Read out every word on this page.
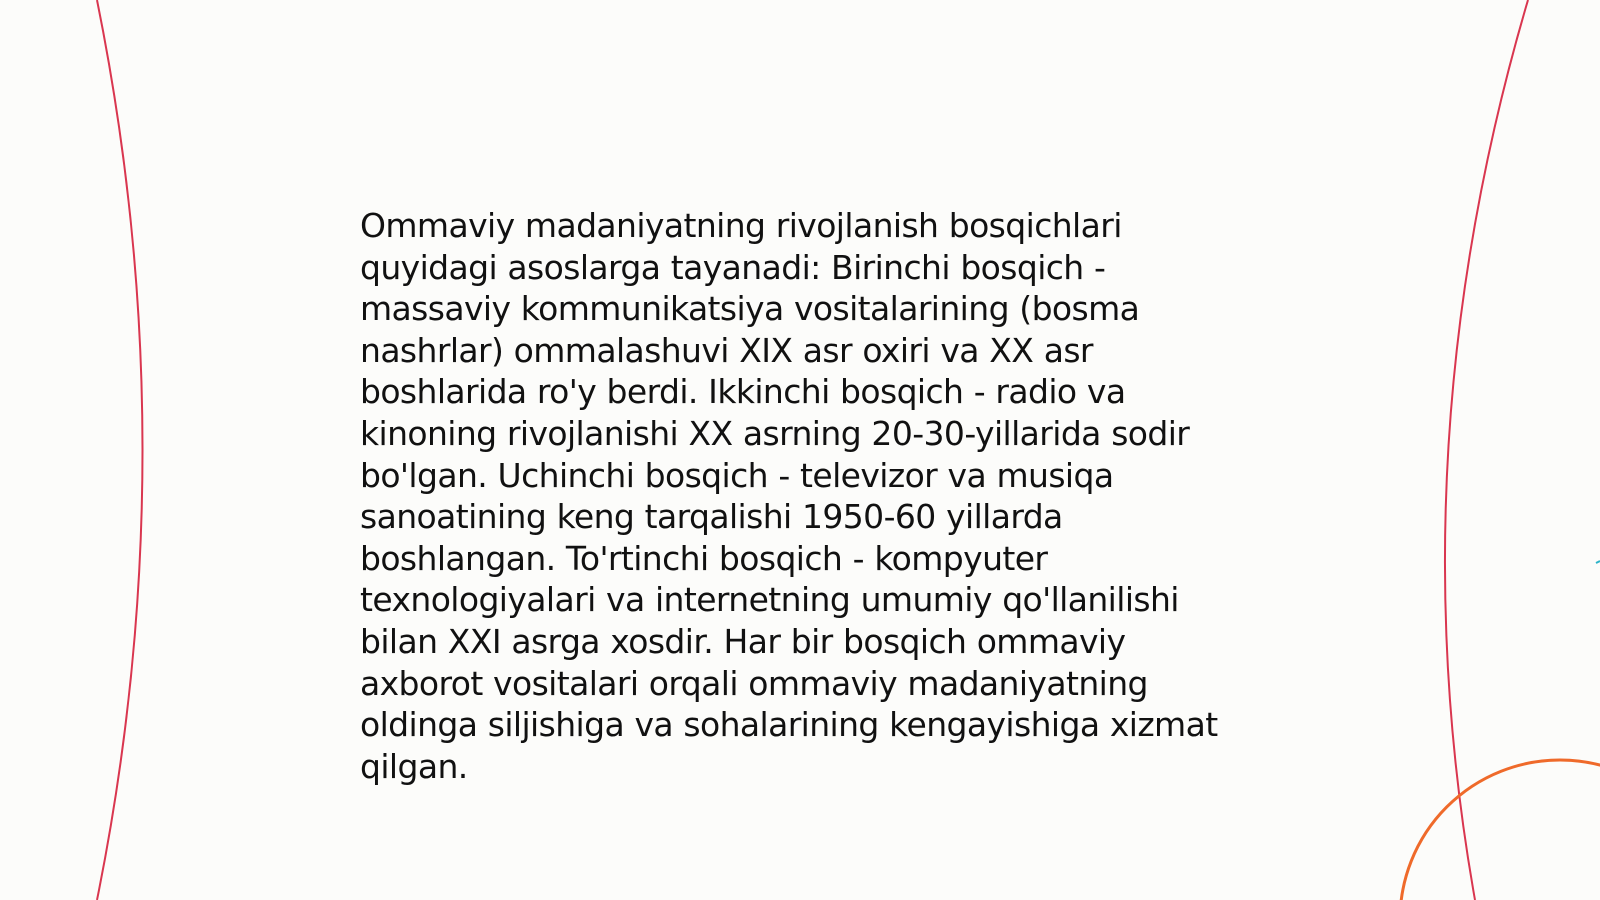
Ommaviy madaniyatning rivojlanish bosqichlari quyidagi asoslarga tayanadi: Birinchi bosqich - massaviy kommunikatsiya vositalarining (bosma nashrlar) ommalashuvi XIX asr oxiri va XX asr boshlarida ro'y berdi. Ikkinchi bosqich - radio va kinoning rivojlanishi XX asrning 20-30-yillarida sodir bo'lgan. Uchinchi bosqich - televizor va musiqa sanoatining keng tarqalishi 1950-60 yillarda boshlangan. To'rtinchi bosqich - kompyuter texnologiyalari va internetning umumiy qo'llanilishi bilan XXI asrga xosdir. Har bir bosqich ommaviy axborot vositalari orqali ommaviy madaniyatning oldinga siljishiga va sohalarining kengayishiga xizmat qilgan.
